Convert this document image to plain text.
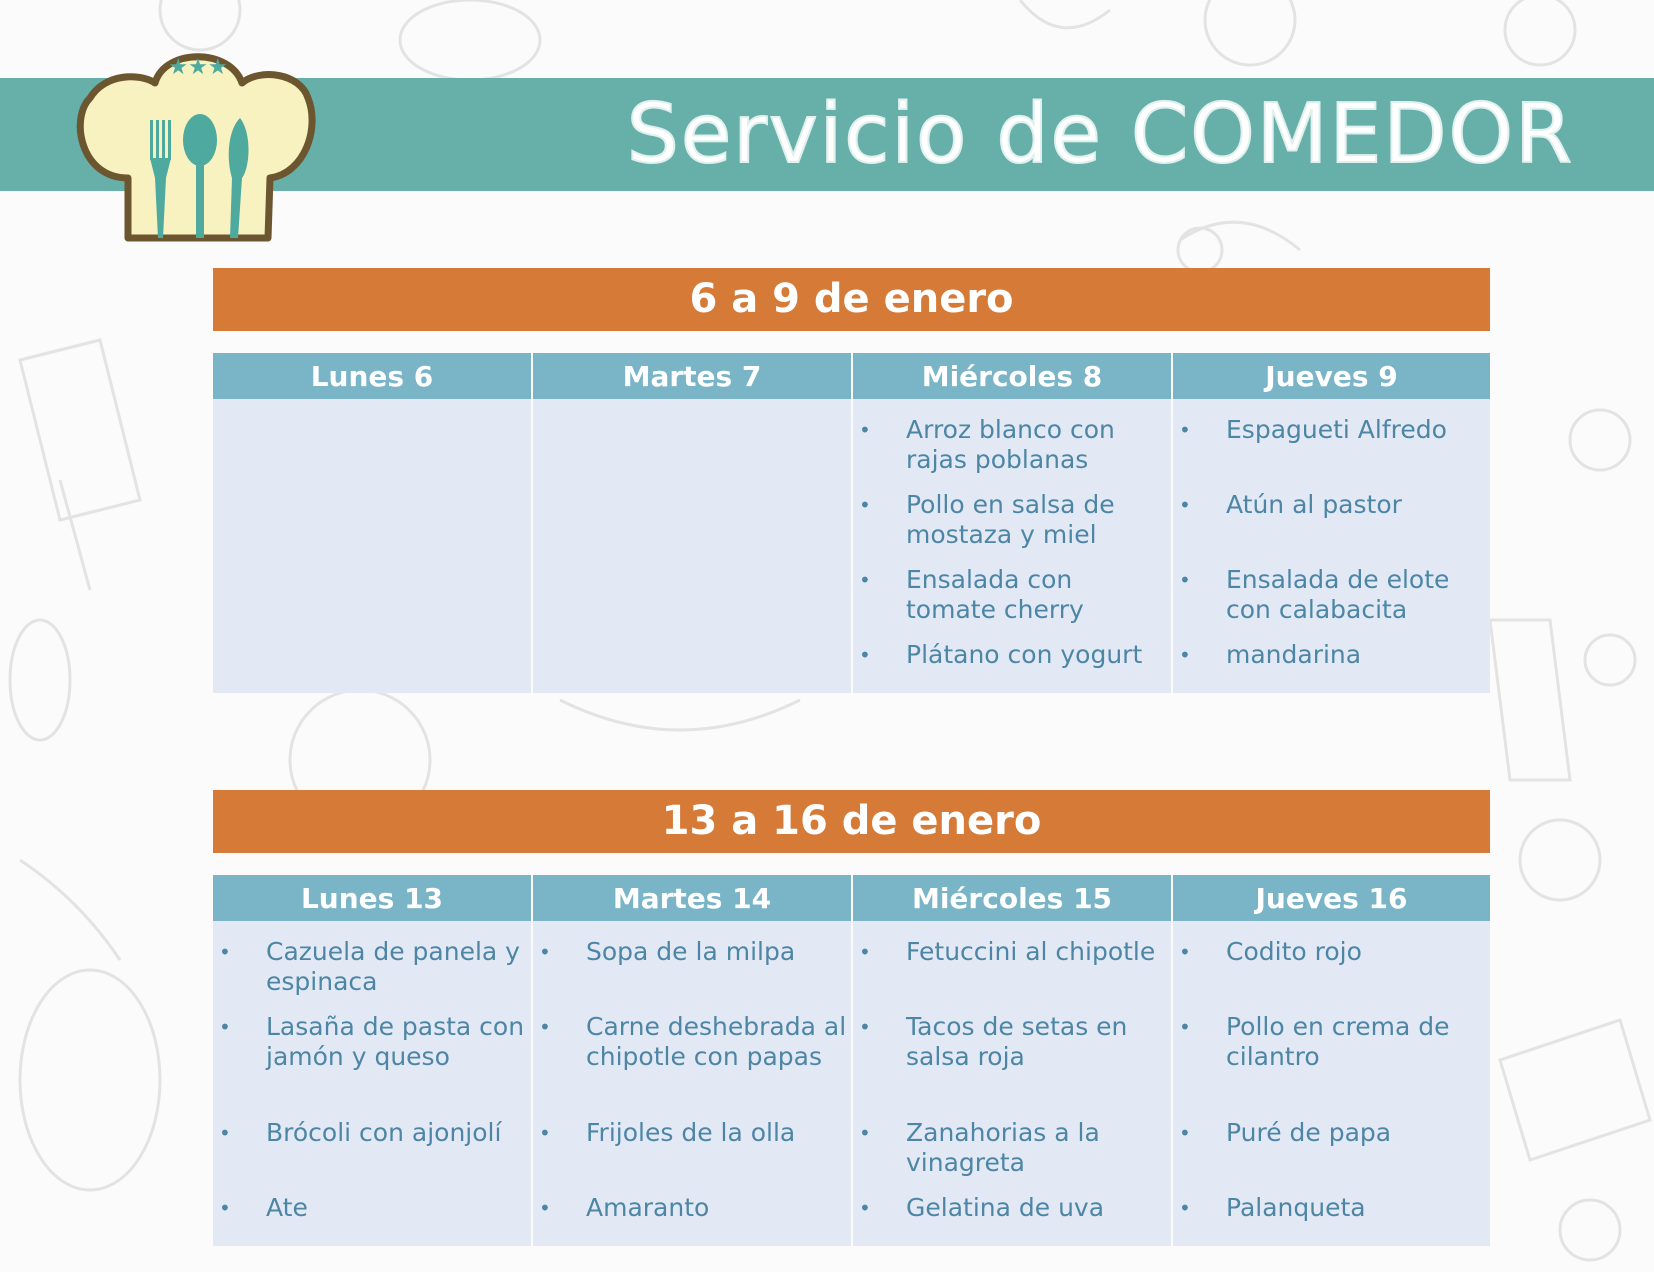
Servicio de COMEDOR
★★★
6 a 9 de enero
Lunes 6	Martes 7	Miércoles 8
• Arroz blanco con rajas poblanas
• Pollo en salsa de mostaza y miel
• Ensalada con tomate cherry
• Plátano con yogurt
Jueves 9
• Espagueti Alfredo
• Atún al pastor
• Ensalada de elote con calabacita
• mandarina
13 a 16 de enero
Lunes 13
• Cazuela de panela y espinaca
• Lasaña de pasta con jamón y queso
• Brócoli con ajonjolí
• Ate
Martes 14
• Sopa de la milpa
• Carne deshebrada al chipotle con papas
• Frijoles de la olla
• Amaranto
Miércoles 15
• Fetuccini al chipotle
• Tacos de setas en salsa roja
• Zanahorias a la vinagreta
• Gelatina de uva
Jueves 16
• Codito rojo
• Pollo en crema de cilantro
• Puré de papa
• Palanqueta
